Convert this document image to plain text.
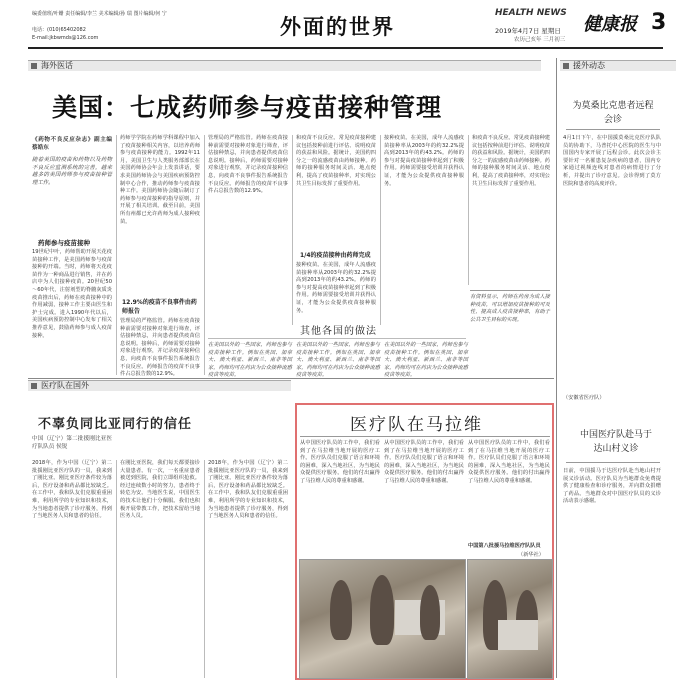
编委值班/叶姗 责任编辑/李兰 美术编辑/孙 瑞 图片编辑/何 宁
电话：(010)65402082
E-mail:jkbwmds@126.com	外面的世界
HEALTH NEWS
健康报 3
2019年4月7日 星期日
农历己亥年 三月初三
海外医话
美国：七成药师参与疫苗接种管理
《药物不良反应杂志》副主编 蔡皓东
随着美国的疫苗和药物以及药物不良反应监测系统的完善，越来越多的美国药师参与疫苗接种管理工作。
药师参与疫苗接种
19世纪中叶，药师帮助开展天花疫苗接种工作，是美国药师参与疫苗接种的开端。当时，药师将天花疫苗作为一种商品进行销售，并在药店中为人们接种疫苗。20世纪50～60年代，注射剂型的脊髓灰质炎疫苗推出后，药师在疫苗接种中的作用减弱，接种工作主要由医生和护士完成。进入1990年代以后，美国疾病预防控制中心发布了相关推荐意见，鼓励药师参与成人疫苗接种。
药师学学院在药师学科课程中加入了疫苗接种相关内容，以培养药师参与疫苗接种的能力。1992年11月，美国卫生与人类服务部部长在美国药师协会年会上发表讲话，要求美国药师协会与美国疾病预防控制中心合作，推动药师参与疫苗接种工作。美国药师协会随后制订了药师参与疫苗接种的指导原则，并开展了相关培训。截至目前，美国所有州都已允许药师为成人接种疫苗。
12.9%的疫苗不良事件由药师报告
管理局的严格监管。药师在疫苗接种前需要对接种对象进行筛查，评估接种禁忌，并向患者提供疫苗信息说明。接种后，药师需要对接种对象进行观察，并记录疫苗接种信息，向疫苗不良事件报告系统报告不良反应。药师报告的疫苗不良事件占总报告数的12.9%。
管理局的严格监管。药师在疫苗接种前需要对接种对象进行筛查，评估接种禁忌，并向患者提供疫苗信息说明。接种后，药师需要对接种对象进行观察，并记录疫苗接种信息，向疫苗不良事件报告系统报告不良反应。药师报告的疫苗不良事件占总报告数的12.9%。
和疫苗不良反应。常见疫苗接种建议包括按种前进行评估、说明疫苗的获益和风险。据统计，美国约四分之一的流感疫苗由药师接种。药师的接种服务时间灵活、地点便利，提高了疫苗接种率，对实现公共卫生目标发挥了重要作用。
1/4的疫苗接种由药师完成
接种疫苗。在美国，成年人流感疫苗接种率从2003年的约32.2%提高到2013年的约43.2%。药师的参与对提高疫苗接种率起到了积极作用。药师需要接受培训并获得认证，才能为公众提供疫苗接种服务。
接种疫苗。在美国，成年人流感疫苗接种率从2003年的约32.2%提高到2013年的约43.2%。药师的参与对提高疫苗接种率起到了积极作用。药师需要接受培训并获得认证，才能为公众提供疫苗接种服务。
和疫苗不良反应。常见疫苗接种建议包括按种前进行评估、说明疫苗的获益和风险。据统计，美国约四分之一的流感疫苗由药师接种。药师的接种服务时间灵活、地点便利，提高了疫苗接种率，对实现公共卫生目标发挥了重要作用。
有资料显示，药师在药房为成人接种疫苗，可以增加疫苗接种的可及性，提高成人疫苗接种率，有助于公共卫生目标的实现。
其他各国的做法
在美国以外的一些国家，药师也参与疫苗接种工作。例如在英国、加拿大、澳大利亚、新西兰、南非等国家，药师均可在药店为公众接种流感疫苗等疫苗。
在美国以外的一些国家，药师也参与疫苗接种工作。例如在英国、加拿大、澳大利亚、新西兰、南非等国家，药师均可在药店为公众接种流感疫苗等疫苗。
在美国以外的一些国家，药师也参与疫苗接种工作。例如在英国、加拿大、澳大利亚、新西兰、南非等国家，药师均可在药店为公众接种流感疫苗等疫苗。
援外动态
为莫桑比克患者远程会诊
4月1日下午，在中国援莫桑比克医疗队队员的协助下，马普托中心医院的医生与中国国内专家开展了远程会诊。此次会诊主要针对一名罹患复杂疾病的患者，国内专家通过视频连线对患者的病情进行了分析，并提出了诊疗意见。会诊得到了莫方医院和患者的高度评价。
（安徽省医疗队）
中国医疗队赴马于达山村义诊
日前，中国援马于达医疗队赴当地山村开展义诊活动。医疗队员为当地群众免费提供了健康检查和诊疗服务，并向群众捐赠了药品。当地群众对中国医疗队员的义诊活动表示感谢。
医疗队在国外
不辜负同比亚同行的信任
中国（辽宁）第二批援刚比亚医疗队队员 侯锐
2018年，作为中国（辽宁）第二批援刚比亚医疗队的一员，我来到了刚比亚。刚比亚医疗条件较为落后，医疗设备和药品都比较缺乏。在工作中，我和队友们克服重重困难，利用所学的专业知识和技术，为当地患者提供了诊疗服务，得到了当地医务人员和患者的信任。
在刚比亚医院，我们每天都要接诊大量患者。有一次，一名重症患者被送到医院，我们立即组织抢救。经过连续数小时的努力，患者终于转危为安。当地医生说，中国医生的技术让他们十分佩服。我们也积极开展带教工作，把技术留给当地医务人员。
2018年，作为中国（辽宁）第二批援刚比亚医疗队的一员，我来到了刚比亚。刚比亚医疗条件较为落后，医疗设备和药品都比较缺乏。在工作中，我和队友们克服重重困难，利用所学的专业知识和技术，为当地患者提供了诊疗服务，得到了当地医务人员和患者的信任。
医疗队在马拉维
从中国医疗队员的工作中，我们看到了在马拉维当地开展的医疗工作。医疗队员们克服了语言和环境的困难，深入当地社区，为当地民众提供医疗服务。他们的付出赢得了马拉维人民的尊重和感谢。
从中国医疗队员的工作中，我们看到了在马拉维当地开展的医疗工作。医疗队员们克服了语言和环境的困难，深入当地社区，为当地民众提供医疗服务。他们的付出赢得了马拉维人民的尊重和感谢。
从中国医疗队员的工作中，我们看到了在马拉维当地开展的医疗工作。医疗队员们克服了语言和环境的困难，深入当地社区，为当地民众提供医疗服务。他们的付出赢得了马拉维人民的尊重和感谢。
中国第八批援马拉维医疗队队员
（新华社）
